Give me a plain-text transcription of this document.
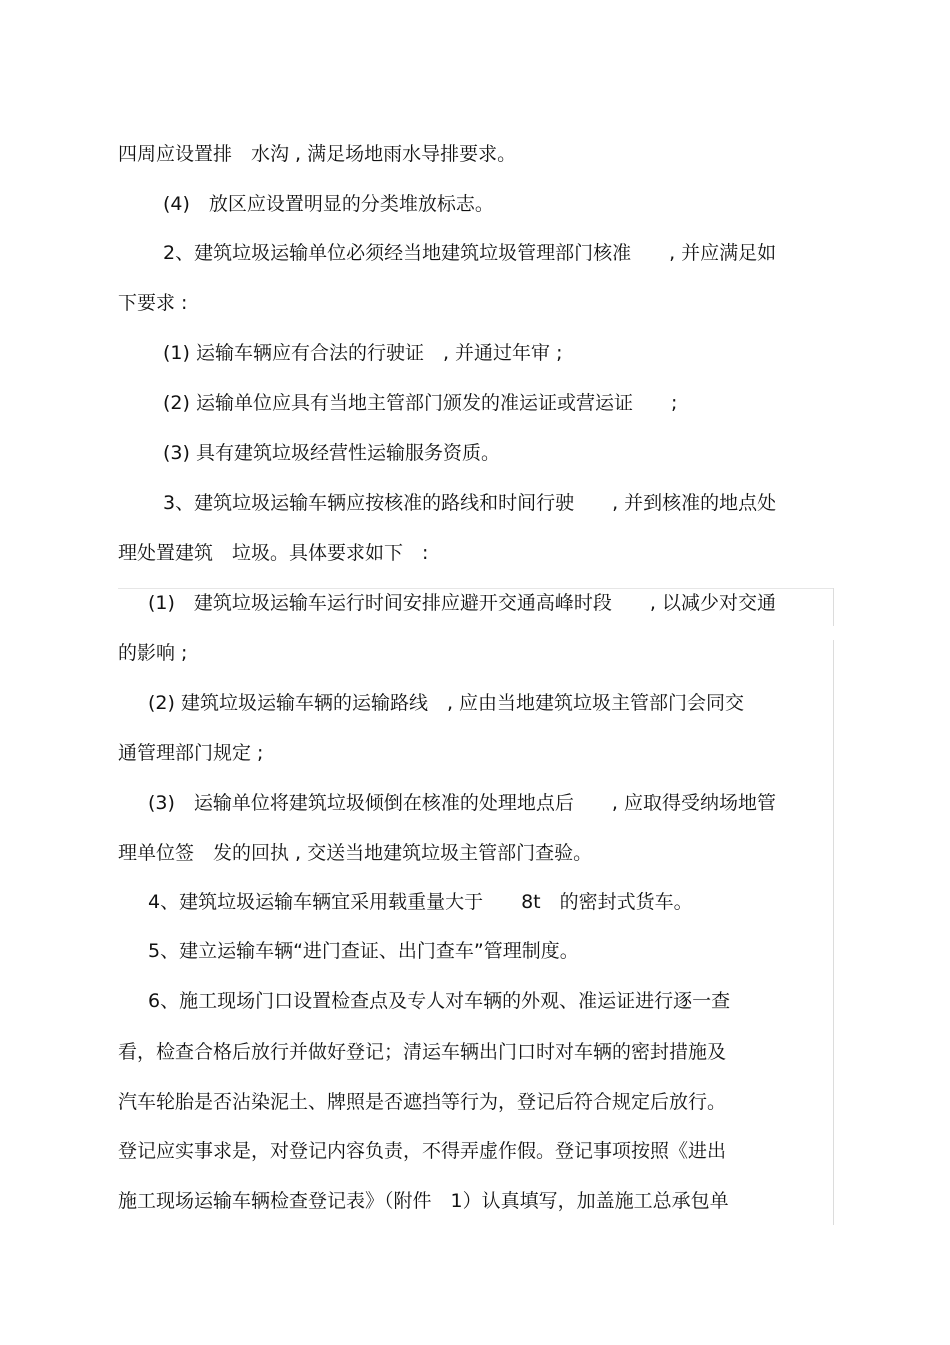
四周应设置排　水沟 , 满足场地雨水导排要求。
(4)　放区应设置明显的分类堆放标志。
2、建筑垃圾运输单位必须经当地建筑垃圾管理部门核准　　, 并应满足如
下要求 :
(1) 运输车辆应有合法的行驶证　, 并通过年审 ;
(2) 运输单位应具有当地主管部门颁发的准运证或营运证　　;
(3) 具有建筑垃圾经营性运输服务资质。
3、建筑垃圾运输车辆应按核准的路线和时间行驶　　, 并到核准的地点处
理处置建筑　垃圾。具体要求如下　:
(1)　建筑垃圾运输车运行时间安排应避开交通高峰时段　　, 以减少对交通
的影响 ;
(2) 建筑垃圾运输车辆的运输路线　, 应由当地建筑垃圾主管部门会同交
通管理部门规定 ;
(3)　运输单位将建筑垃圾倾倒在核准的处理地点后　　, 应取得受纳场地管
理单位签　发的回执 , 交送当地建筑垃圾主管部门查验。
4、建筑垃圾运输车辆宜采用载重量大于　　8t　的密封式货车。
5、建立运输车辆“进门查证、出门查车”管理制度。
6、施工现场门口设置检查点及专人对车辆的外观、准运证进行逐一查
看，检查合格后放行并做好登记；清运车辆出门口时对车辆的密封措施及
汽车轮胎是否沾染泥土、牌照是否遮挡等行为，登记后符合规定后放行。
登记应实事求是，对登记内容负责，不得弄虚作假。登记事项按照《进出
施工现场运输车辆检查登记表》（附件　1）认真填写，加盖施工总承包单
